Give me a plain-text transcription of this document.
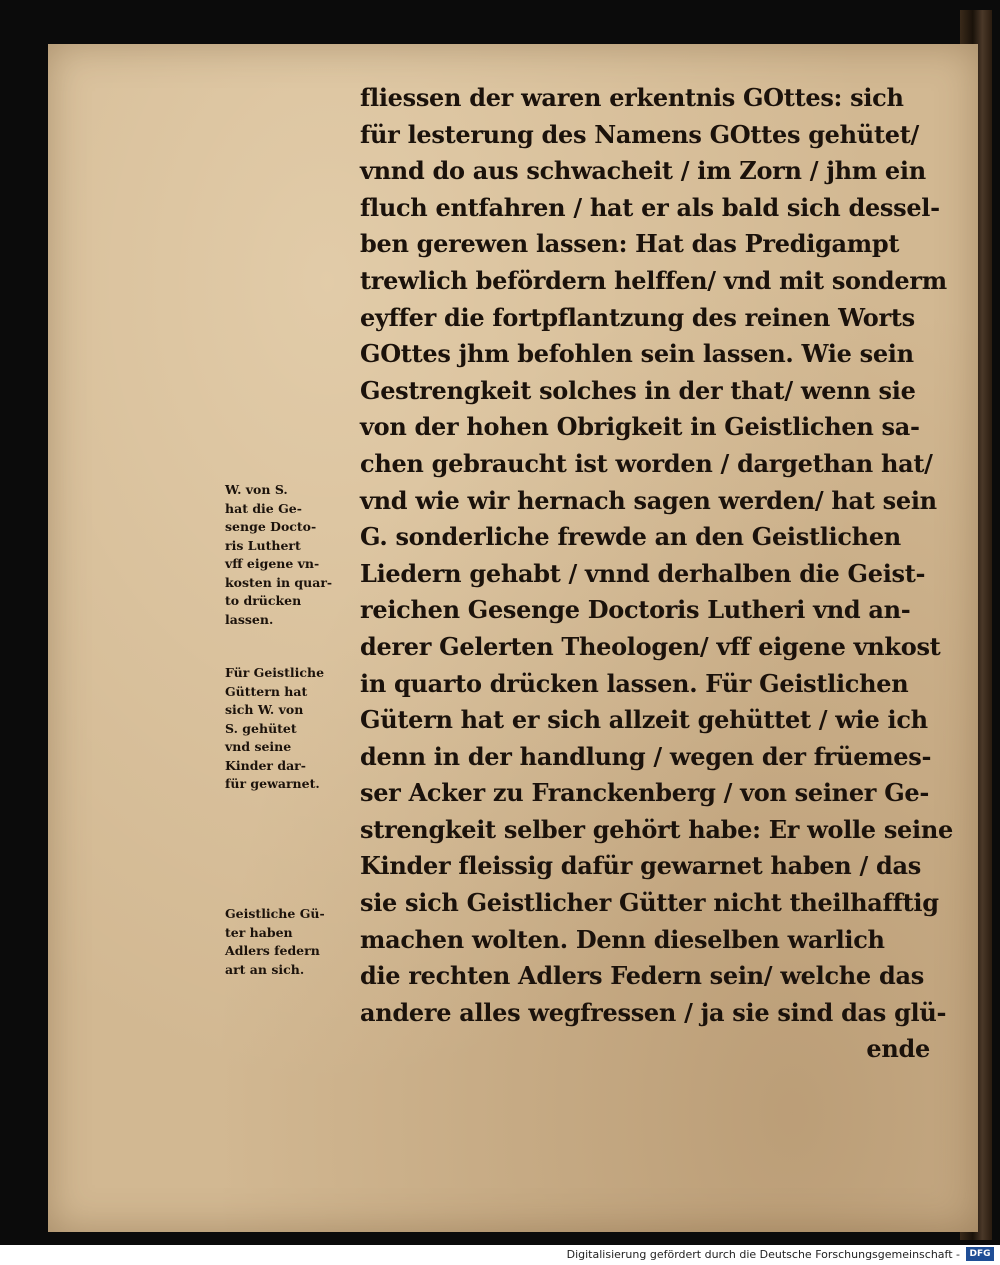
fliessen der waren erkentnis GOttes: sich
für lesterung des Namens GOttes gehütet/
vnnd do aus schwacheit / im Zorn / jhm ein
fluch entfahren / hat er als bald sich dessel-
ben gerewen lassen: Hat das Predigampt
trewlich befördern helffen/ vnd mit sonderm
eyffer die fortpflantzung des reinen Worts
GOttes jhm befohlen sein lassen. Wie sein
Gestrengkeit solches in der that/ wenn sie
von der hohen Obrigkeit in Geistlichen sa-
chen gebraucht ist worden / dargethan hat/
vnd wie wir hernach sagen werden/ hat sein
G. sonderliche frewde an den Geistlichen
Liedern gehabt / vnnd derhalben die Geist-
reichen Gesenge Doctoris Lutheri vnd an-
derer Gelerten Theologen/ vff eigene vnkost
in quarto drücken lassen. Für Geistlichen
Gütern hat er sich allzeit gehüttet / wie ich
denn in der handlung / wegen der früemes-
ser Acker zu Franckenberg / von seiner Ge-
strengkeit selber gehört habe: Er wolle seine
Kinder fleissig dafür gewarnet haben / das
sie sich Geistlicher Gütter nicht theilhafftig
machen wolten. Denn dieselben warlich
die rechten Adlers Federn sein/ welche das
andere alles wegfressen / ja sie sind das glü-
ende
W. von S.
hat die Ge-
senge Docto-
ris Luthert
vff eigene vn-
kosten in quar-
to drücken
lassen.
Für Geistliche
Güttern hat
sich W. von
S. gehütet
vnd seine
Kinder dar-
für gewarnet.
Geistliche Gü-
ter haben
Adlers federn
art an sich.
Digitalisierung gefördert durch die Deutsche Forschungsgemeinschaft -	DFG
